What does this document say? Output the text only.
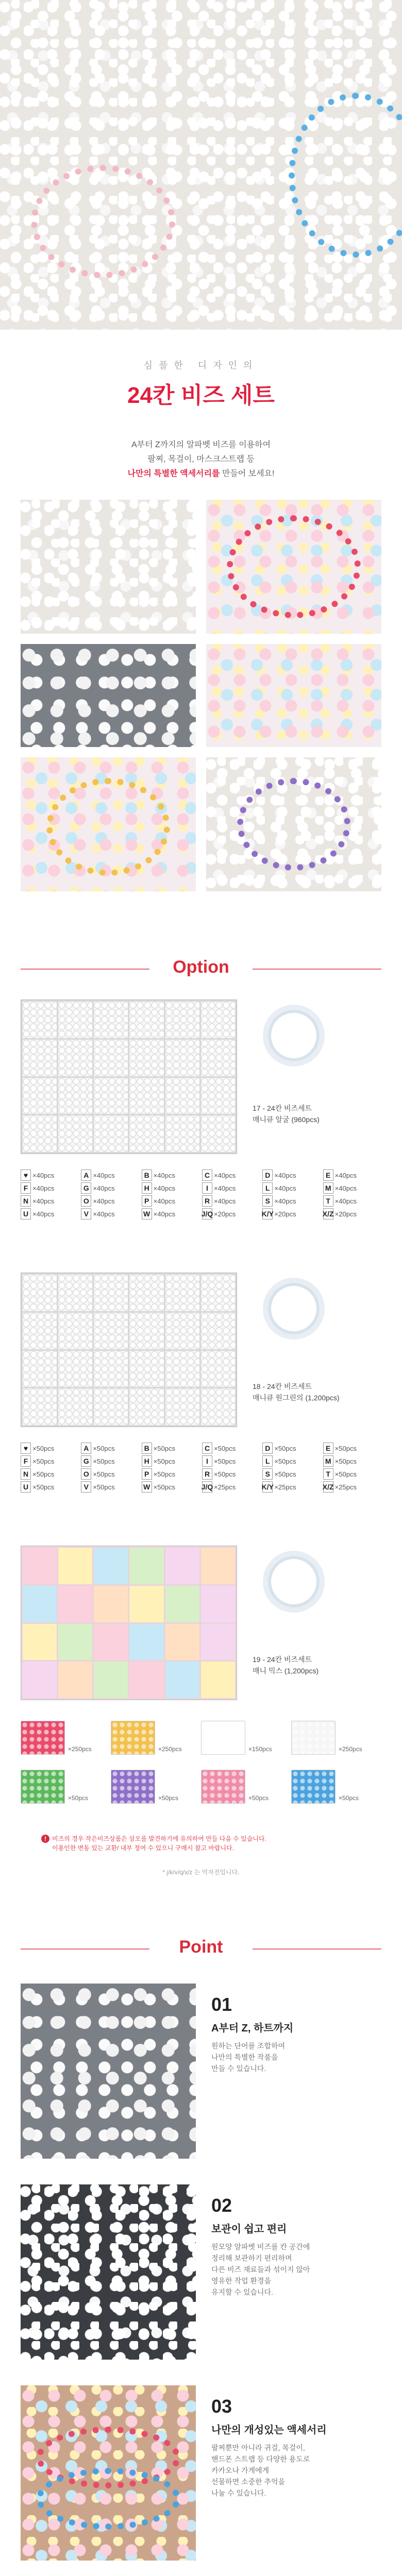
심플한 디자인의
24칸 비즈 세트
A부터 Z까지의 알파벳 비즈를 이용하여
팔찌, 목걸이, 마스크스트랩 등
나만의 특별한 액세서리를 만들어 보세요!
Option
17 - 24칸 비즈세트
매니큐 알굴 (960pcs)
♥ ×40pcs	A ×40pcs	B ×40pcs	C ×40pcs	D ×40pcs	E ×40pcs
F ×40pcs	G ×40pcs	H ×40pcs	I ×40pcs	L ×40pcs	M ×40pcs
N ×40pcs	O ×40pcs	P ×40pcs	R ×40pcs	S ×40pcs	T ×40pcs
U ×40pcs	V ×40pcs	W ×40pcs	J/Q ×20pcs	K/Y ×20pcs	X/Z ×20pcs
18 - 24칸 비즈세트
매니큐 원그린의 (1,200pcs)
♥ ×50pcs	A ×50pcs	B ×50pcs	C ×50pcs	D ×50pcs	E ×50pcs
F ×50pcs	G ×50pcs	H ×50pcs	I ×50pcs	L ×50pcs	M ×50pcs
N ×50pcs	O ×50pcs	P ×50pcs	R ×50pcs	S ×50pcs	T ×50pcs
U ×50pcs	V ×50pcs	W ×50pcs	J/Q ×25pcs	K/Y ×25pcs	X/Z ×25pcs
19 - 24칸 비즈세트
매니 믹스 (1,200pcs)
×250pcs	×250pcs	×150pcs	×250pcs
×50pcs	×50pcs	×50pcs	×50pcs
! 비즈의 경우 작은비즈상품은 삼오를 발견하기에 유의하여 만들 다음 수 있습니다.
이용인한 변동 있는 교환/ 내부 정여 수 있으니 구매시 참고 바랍니다.
* j/k/v/q/x/z 는 억자전입니다.
Point
01
A부터 Z, 하트까지
원하는 단어를 조합하여
나만의 특별한 작품을
만들 수 있습니다.
02
보관이 쉽고 편리
원모양 알파벳 비즈를 칸 공간에
정리해 보관하기 편리하며
다른 비즈 재료들과 섞이지 않아
영유한 작업 환경을
유지할 수 있습니다.
03
나만의 개성있는 액세서리
팔찌뿐만 아니라 귀걸, 목걸이,
핸드폰 스트랩 등 다양한 용도로
카카오나 가게에게
선물하면 소중한 추억을
나눌 수 있습니다.
